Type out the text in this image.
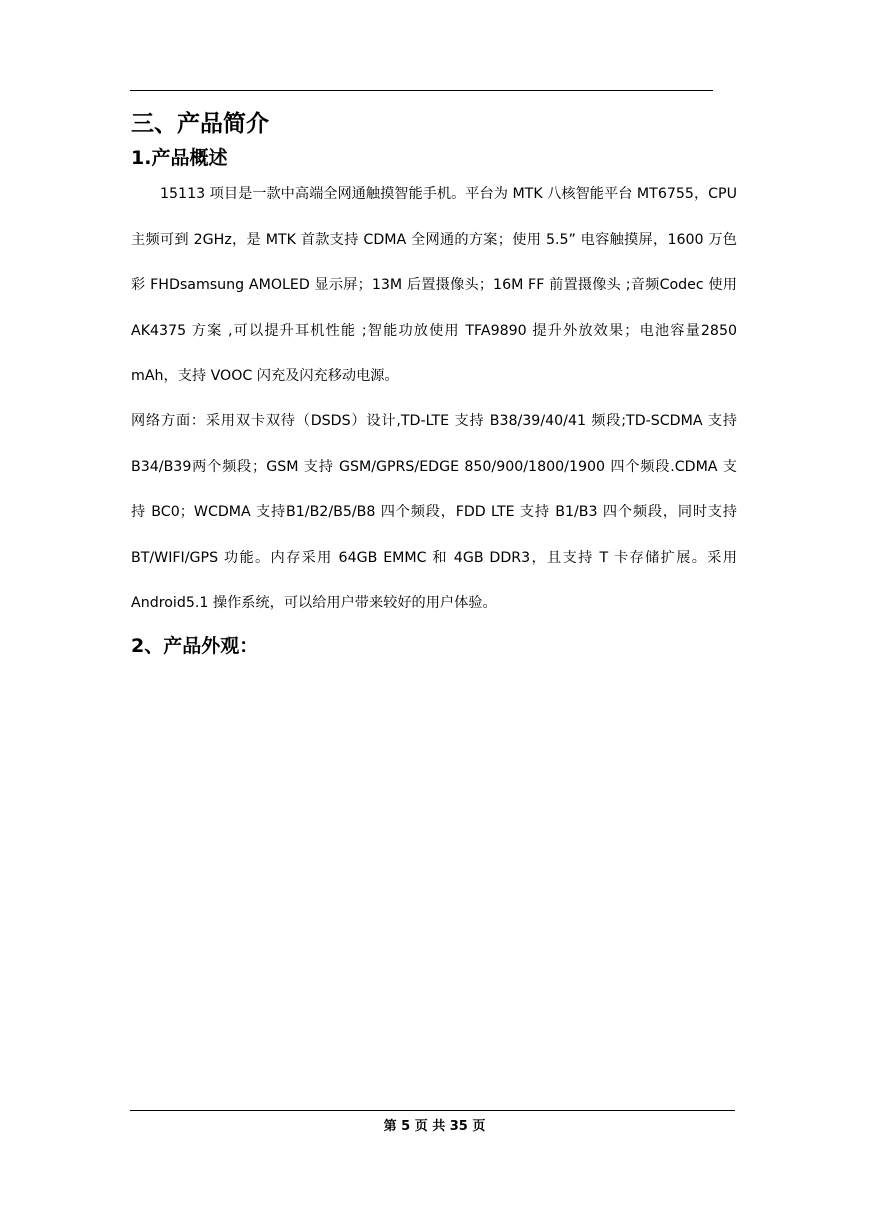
三、产品简介
1.产品概述

15113 项目是一款中高端全网通触摸智能手机。平台为 MTK 八核智能平台 MT6755，CPU 主频可到 2GHz，是 MTK 首款支持 CDMA 全网通的方案；使用 5.5” 电容触摸屏，1600 万色彩 FHDsamsung AMOLED 显示屏；13M 后置摄像头；16M FF 前置摄像头 ;音频Codec 使用 AK4375 方案 ,可以提升耳机性能 ;智能功放使用 TFA9890 提升外放效果；电池容量2850 mAh，支持 VOOC 闪充及闪充移动电源。

网络方面：采用双卡双待（DSDS）设计,TD-LTE 支持 B38/39/40/41 频段;TD-SCDMA 支持 B34/B39两个频段；GSM 支持 GSM/GPRS/EDGE 850/900/1800/1900 四个频段.CDMA 支持 BC0；WCDMA 支持B1/B2/B5/B8 四个频段，FDD LTE 支持 B1/B3 四个频段，同时支持 BT/WIFI/GPS 功能。内存采用 64GB EMMC 和 4GB DDR3，且支持 T 卡存储扩展。采用 Android5.1 操作系统，可以给用户带来较好的用户体验。

2、产品外观：
第 5 页 共 35 页
